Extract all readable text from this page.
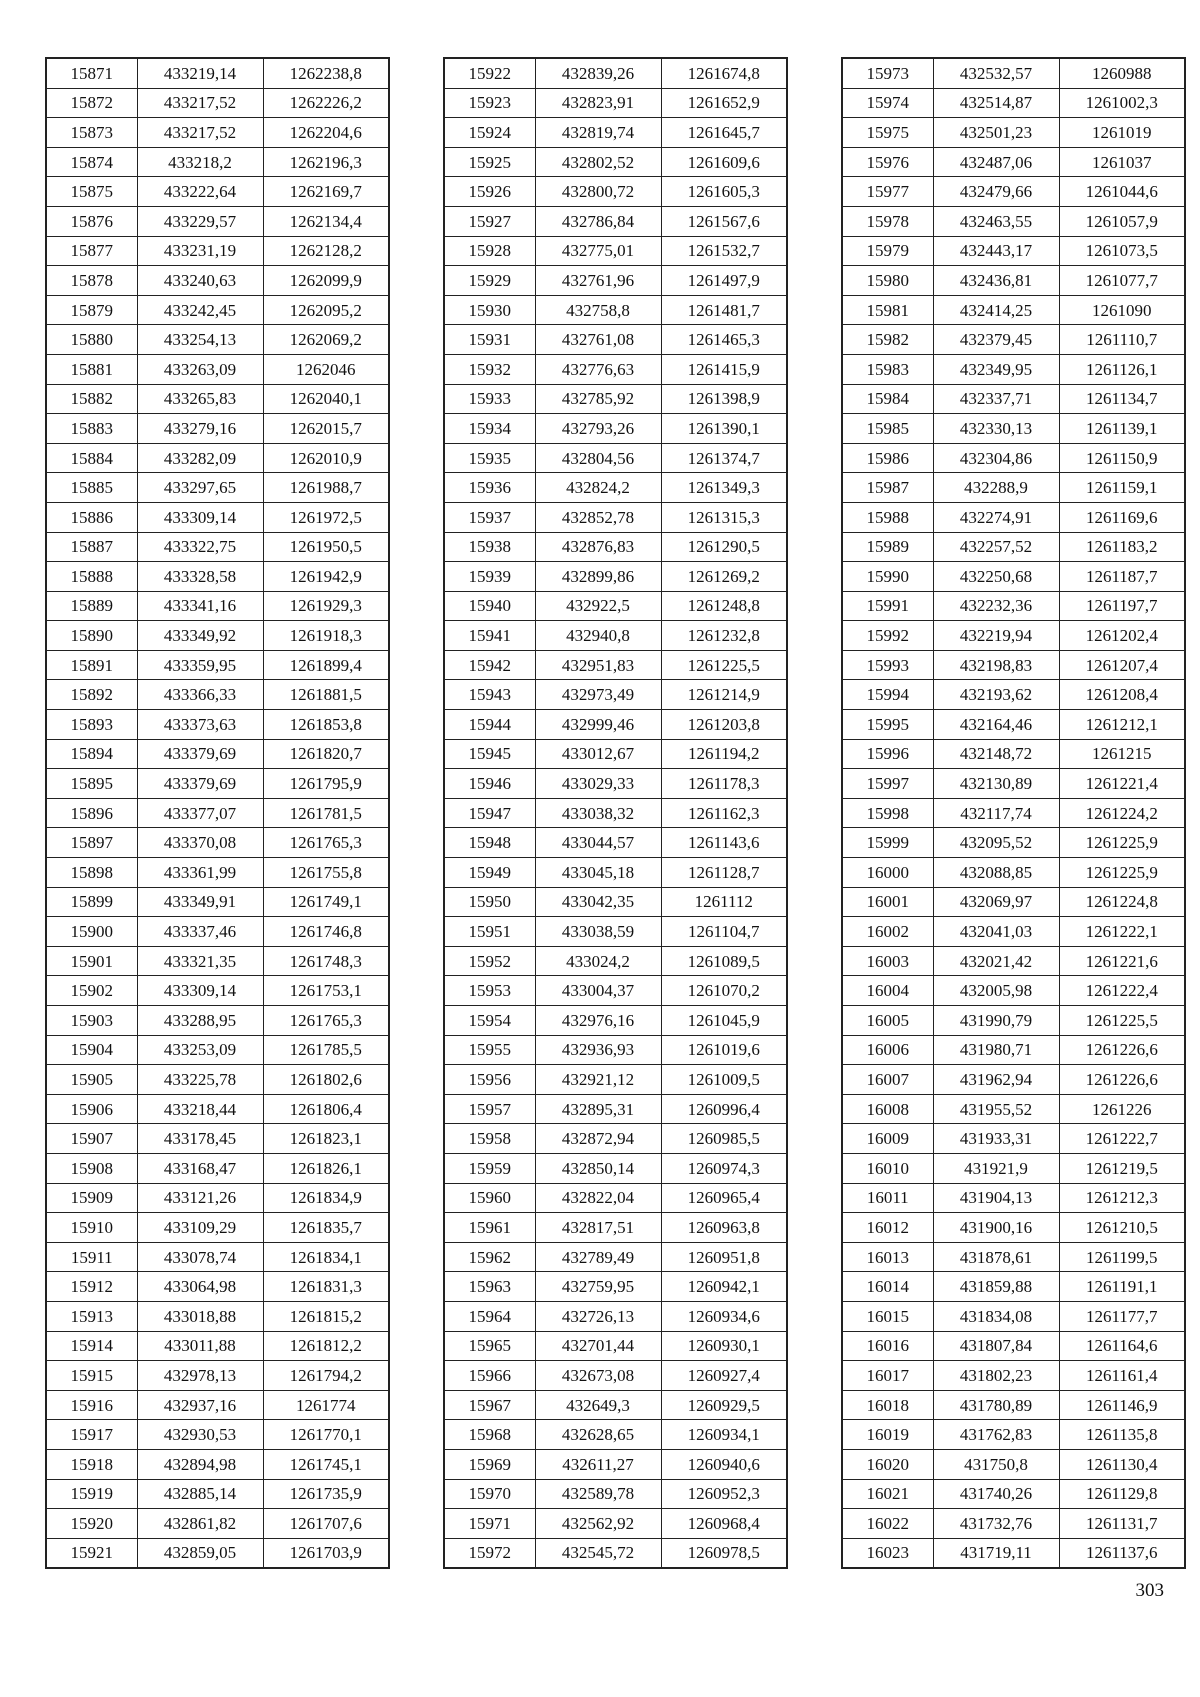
15871	433219,14	1262238,8
15872	433217,52	1262226,2
15873	433217,52	1262204,6
15874	433218,2	1262196,3
15875	433222,64	1262169,7
15876	433229,57	1262134,4
15877	433231,19	1262128,2
15878	433240,63	1262099,9
15879	433242,45	1262095,2
15880	433254,13	1262069,2
15881	433263,09	1262046
15882	433265,83	1262040,1
15883	433279,16	1262015,7
15884	433282,09	1262010,9
15885	433297,65	1261988,7
15886	433309,14	1261972,5
15887	433322,75	1261950,5
15888	433328,58	1261942,9
15889	433341,16	1261929,3
15890	433349,92	1261918,3
15891	433359,95	1261899,4
15892	433366,33	1261881,5
15893	433373,63	1261853,8
15894	433379,69	1261820,7
15895	433379,69	1261795,9
15896	433377,07	1261781,5
15897	433370,08	1261765,3
15898	433361,99	1261755,8
15899	433349,91	1261749,1
15900	433337,46	1261746,8
15901	433321,35	1261748,3
15902	433309,14	1261753,1
15903	433288,95	1261765,3
15904	433253,09	1261785,5
15905	433225,78	1261802,6
15906	433218,44	1261806,4
15907	433178,45	1261823,1
15908	433168,47	1261826,1
15909	433121,26	1261834,9
15910	433109,29	1261835,7
15911	433078,74	1261834,1
15912	433064,98	1261831,3
15913	433018,88	1261815,2
15914	433011,88	1261812,2
15915	432978,13	1261794,2
15916	432937,16	1261774
15917	432930,53	1261770,1
15918	432894,98	1261745,1
15919	432885,14	1261735,9
15920	432861,82	1261707,6
15921	432859,05	1261703,9
15922	432839,26	1261674,8
15923	432823,91	1261652,9
15924	432819,74	1261645,7
15925	432802,52	1261609,6
15926	432800,72	1261605,3
15927	432786,84	1261567,6
15928	432775,01	1261532,7
15929	432761,96	1261497,9
15930	432758,8	1261481,7
15931	432761,08	1261465,3
15932	432776,63	1261415,9
15933	432785,92	1261398,9
15934	432793,26	1261390,1
15935	432804,56	1261374,7
15936	432824,2	1261349,3
15937	432852,78	1261315,3
15938	432876,83	1261290,5
15939	432899,86	1261269,2
15940	432922,5	1261248,8
15941	432940,8	1261232,8
15942	432951,83	1261225,5
15943	432973,49	1261214,9
15944	432999,46	1261203,8
15945	433012,67	1261194,2
15946	433029,33	1261178,3
15947	433038,32	1261162,3
15948	433044,57	1261143,6
15949	433045,18	1261128,7
15950	433042,35	1261112
15951	433038,59	1261104,7
15952	433024,2	1261089,5
15953	433004,37	1261070,2
15954	432976,16	1261045,9
15955	432936,93	1261019,6
15956	432921,12	1261009,5
15957	432895,31	1260996,4
15958	432872,94	1260985,5
15959	432850,14	1260974,3
15960	432822,04	1260965,4
15961	432817,51	1260963,8
15962	432789,49	1260951,8
15963	432759,95	1260942,1
15964	432726,13	1260934,6
15965	432701,44	1260930,1
15966	432673,08	1260927,4
15967	432649,3	1260929,5
15968	432628,65	1260934,1
15969	432611,27	1260940,6
15970	432589,78	1260952,3
15971	432562,92	1260968,4
15972	432545,72	1260978,5
15973	432532,57	1260988
15974	432514,87	1261002,3
15975	432501,23	1261019
15976	432487,06	1261037
15977	432479,66	1261044,6
15978	432463,55	1261057,9
15979	432443,17	1261073,5
15980	432436,81	1261077,7
15981	432414,25	1261090
15982	432379,45	1261110,7
15983	432349,95	1261126,1
15984	432337,71	1261134,7
15985	432330,13	1261139,1
15986	432304,86	1261150,9
15987	432288,9	1261159,1
15988	432274,91	1261169,6
15989	432257,52	1261183,2
15990	432250,68	1261187,7
15991	432232,36	1261197,7
15992	432219,94	1261202,4
15993	432198,83	1261207,4
15994	432193,62	1261208,4
15995	432164,46	1261212,1
15996	432148,72	1261215
15997	432130,89	1261221,4
15998	432117,74	1261224,2
15999	432095,52	1261225,9
16000	432088,85	1261225,9
16001	432069,97	1261224,8
16002	432041,03	1261222,1
16003	432021,42	1261221,6
16004	432005,98	1261222,4
16005	431990,79	1261225,5
16006	431980,71	1261226,6
16007	431962,94	1261226,6
16008	431955,52	1261226
16009	431933,31	1261222,7
16010	431921,9	1261219,5
16011	431904,13	1261212,3
16012	431900,16	1261210,5
16013	431878,61	1261199,5
16014	431859,88	1261191,1
16015	431834,08	1261177,7
16016	431807,84	1261164,6
16017	431802,23	1261161,4
16018	431780,89	1261146,9
16019	431762,83	1261135,8
16020	431750,8	1261130,4
16021	431740,26	1261129,8
16022	431732,76	1261131,7
16023	431719,11	1261137,6
303
